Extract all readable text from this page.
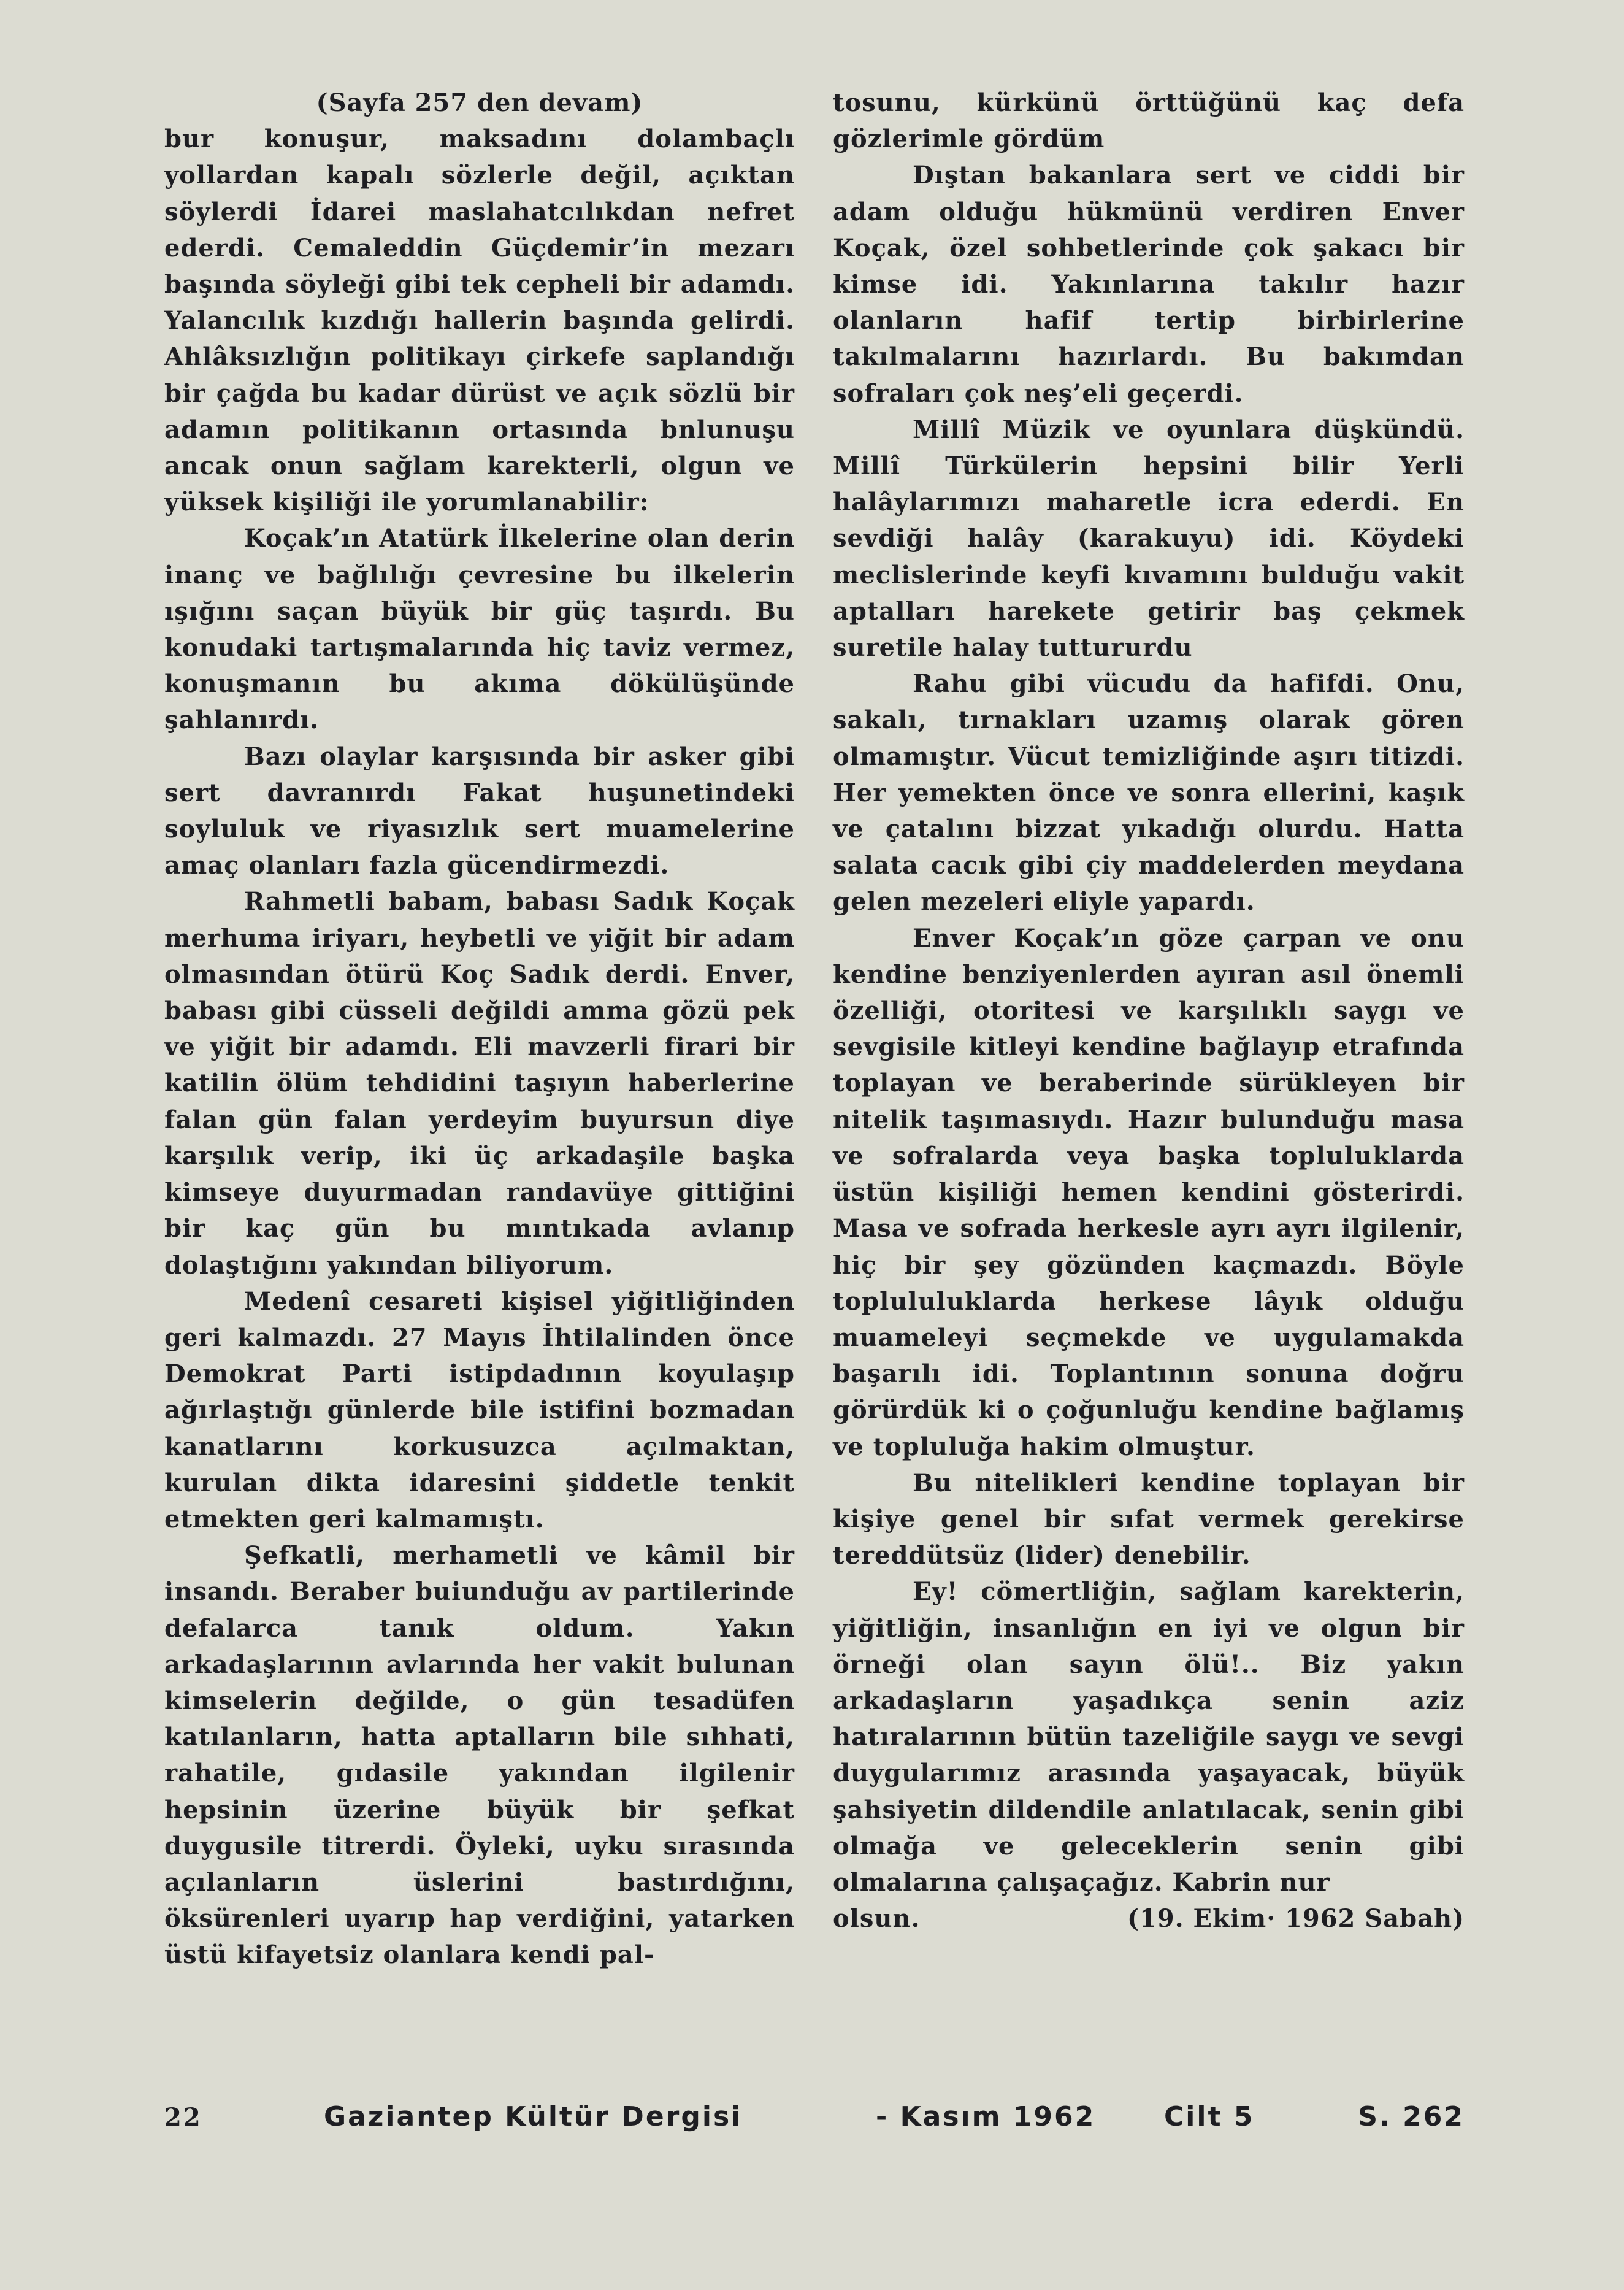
(Sayfa 257 den devam)

bur konuşur, maksadını dolambaçlı yollardan kapalı sözlerle değil, açıktan söylerdi İdarei maslahatcılıkdan nefret ederdi. Cemaleddin Güçdemir’in mezarı başında söyleği gibi tek cepheli bir adamdı. Yalancılık kızdığı hallerin başında gelirdi. Ahlâksızlığın politikayı çirkefe saplandığı bir çağda bu kadar dürüst ve açık sözlü bir adamın politikanın ortasında bnlunuşu ancak onun sağlam karekterli, olgun ve yüksek kişiliği ile yorumlanabilir:

Koçak’ın Atatürk İlkelerine olan derin inanç ve bağlılığı çevresine bu ilkelerin ışığını saçan büyük bir güç taşırdı. Bu konudaki tartışmalarında hiç taviz vermez, konuşmanın bu akıma dökülüşünde şahlanırdı.

Bazı olaylar karşısında bir asker gibi sert davranırdı Fakat huşunetindeki soyluluk ve riyasızlık sert muamelerine amaç olanları fazla gücendirmezdi.

Rahmetli babam, babası Sadık Koçak merhuma iriyarı, heybetli ve yiğit bir adam olmasından ötürü Koç Sadık derdi. Enver, babası gibi cüsseli değildi amma gözü pek ve yiğit bir adamdı. Eli mavzerli firari bir katilin ölüm tehdidini taşıyın haberlerine falan gün falan yerdeyim buyursun diye karşılık verip, iki üç arkadaşile başka kimseye duyurmadan randavüye gittiğini bir kaç gün bu mıntıkada avlanıp dolaştığını yakından biliyorum.

Medenî cesareti kişisel yiğitliğinden geri kalmazdı. 27 Mayıs İhtilalinden önce Demokrat Parti istipdadının koyulaşıp ağırlaştığı günlerde bile istifini bozmadan kanatlarını korkusuzca açılmaktan, kurulan dikta idaresini şiddetle tenkit etmekten geri kalmamıştı.

Şefkatli, merhametli ve kâmil bir insandı. Beraber buiunduğu av partilerinde defalarca tanık oldum. Yakın arkadaşlarının avlarında her vakit bulunan kimselerin değilde, o gün tesadüfen katılanların, hatta aptalların bile sıhhati, rahatile, gıdasile yakından ilgilenir hepsinin üzerine büyük bir şefkat duygusile titrerdi. Öyleki, uyku sırasında açılanların üslerini bastırdığını, öksürenleri uyarıp hap verdiğini, yatarken üstü kifayetsiz olanlara kendi pal-

tosunu, kürkünü örttüğünü kaç defa gözlerimle gördüm

Dıştan bakanlara sert ve ciddi bir adam olduğu hükmünü verdiren Enver Koçak, özel sohbetlerinde çok şakacı bir kimse idi. Yakınlarına takılır hazır olanların hafif tertip birbirlerine takılmalarını hazırlardı. Bu bakımdan sofraları çok neş’eli geçerdi.

Millî Müzik ve oyunlara düşkündü. Millî Türkülerin hepsini bilir Yerli halâylarımızı maharetle icra ederdi. En sevdiği halây (karakuyu) idi. Köydeki meclislerinde keyfi kıvamını bulduğu vakit aptalları harekete getirir baş çekmek suretile halay tuttururdu

Rahu gibi vücudu da hafifdi. Onu, sakalı, tırnakları uzamış olarak gören olmamıştır. Vücut temizliğinde aşırı titizdi. Her yemekten önce ve sonra ellerini, kaşık ve çatalını bizzat yıkadığı olurdu. Hatta salata cacık gibi çiy maddelerden meydana gelen mezeleri eliyle yapardı.

Enver Koçak’ın göze çarpan ve onu kendine benziyenlerden ayıran asıl önemli özelliği, otoritesi ve karşılıklı saygı ve sevgisile kitleyi kendine bağlayıp etrafında toplayan ve beraberinde sürükleyen bir nitelik taşımasıydı. Hazır bulunduğu masa ve sofralarda veya başka topluluklarda üstün kişiliği hemen kendini gösterirdi. Masa ve sofrada herkesle ayrı ayrı ilgilenir, hiç bir şey gözünden kaçmazdı. Böyle toplululuklarda herkese lâyık olduğu muameleyi seçmekde ve uygulamakda başarılı idi. Toplantının sonuna doğru görürdük ki o çoğunluğu kendine bağlamış ve topluluğa hakim olmuştur.

Bu nitelikleri kendine toplayan bir kişiye genel bir sıfat vermek gerekirse tereddütsüz (lider) denebilir.

Ey! cömertliğin, sağlam karekterin, yiğitliğin, insanlığın en iyi ve olgun bir örneği olan sayın ölü!.. Biz yakın arkadaşların yaşadıkça senin aziz hatıralarının bütün tazeliğile saygı ve sevgi duygularımız arasında yaşayacak, büyük şahsiyetin dildendile anlatılacak, senin gibi olmağa ve geleceklerin senin gibi olmalarına çalışaçağız. Kabrin nur

olsun.	(19. Ekim· 1962 Sabah)
22	Gaziantep Kültür Dergisi	- Kasım 1962	Cilt 5	S. 262
